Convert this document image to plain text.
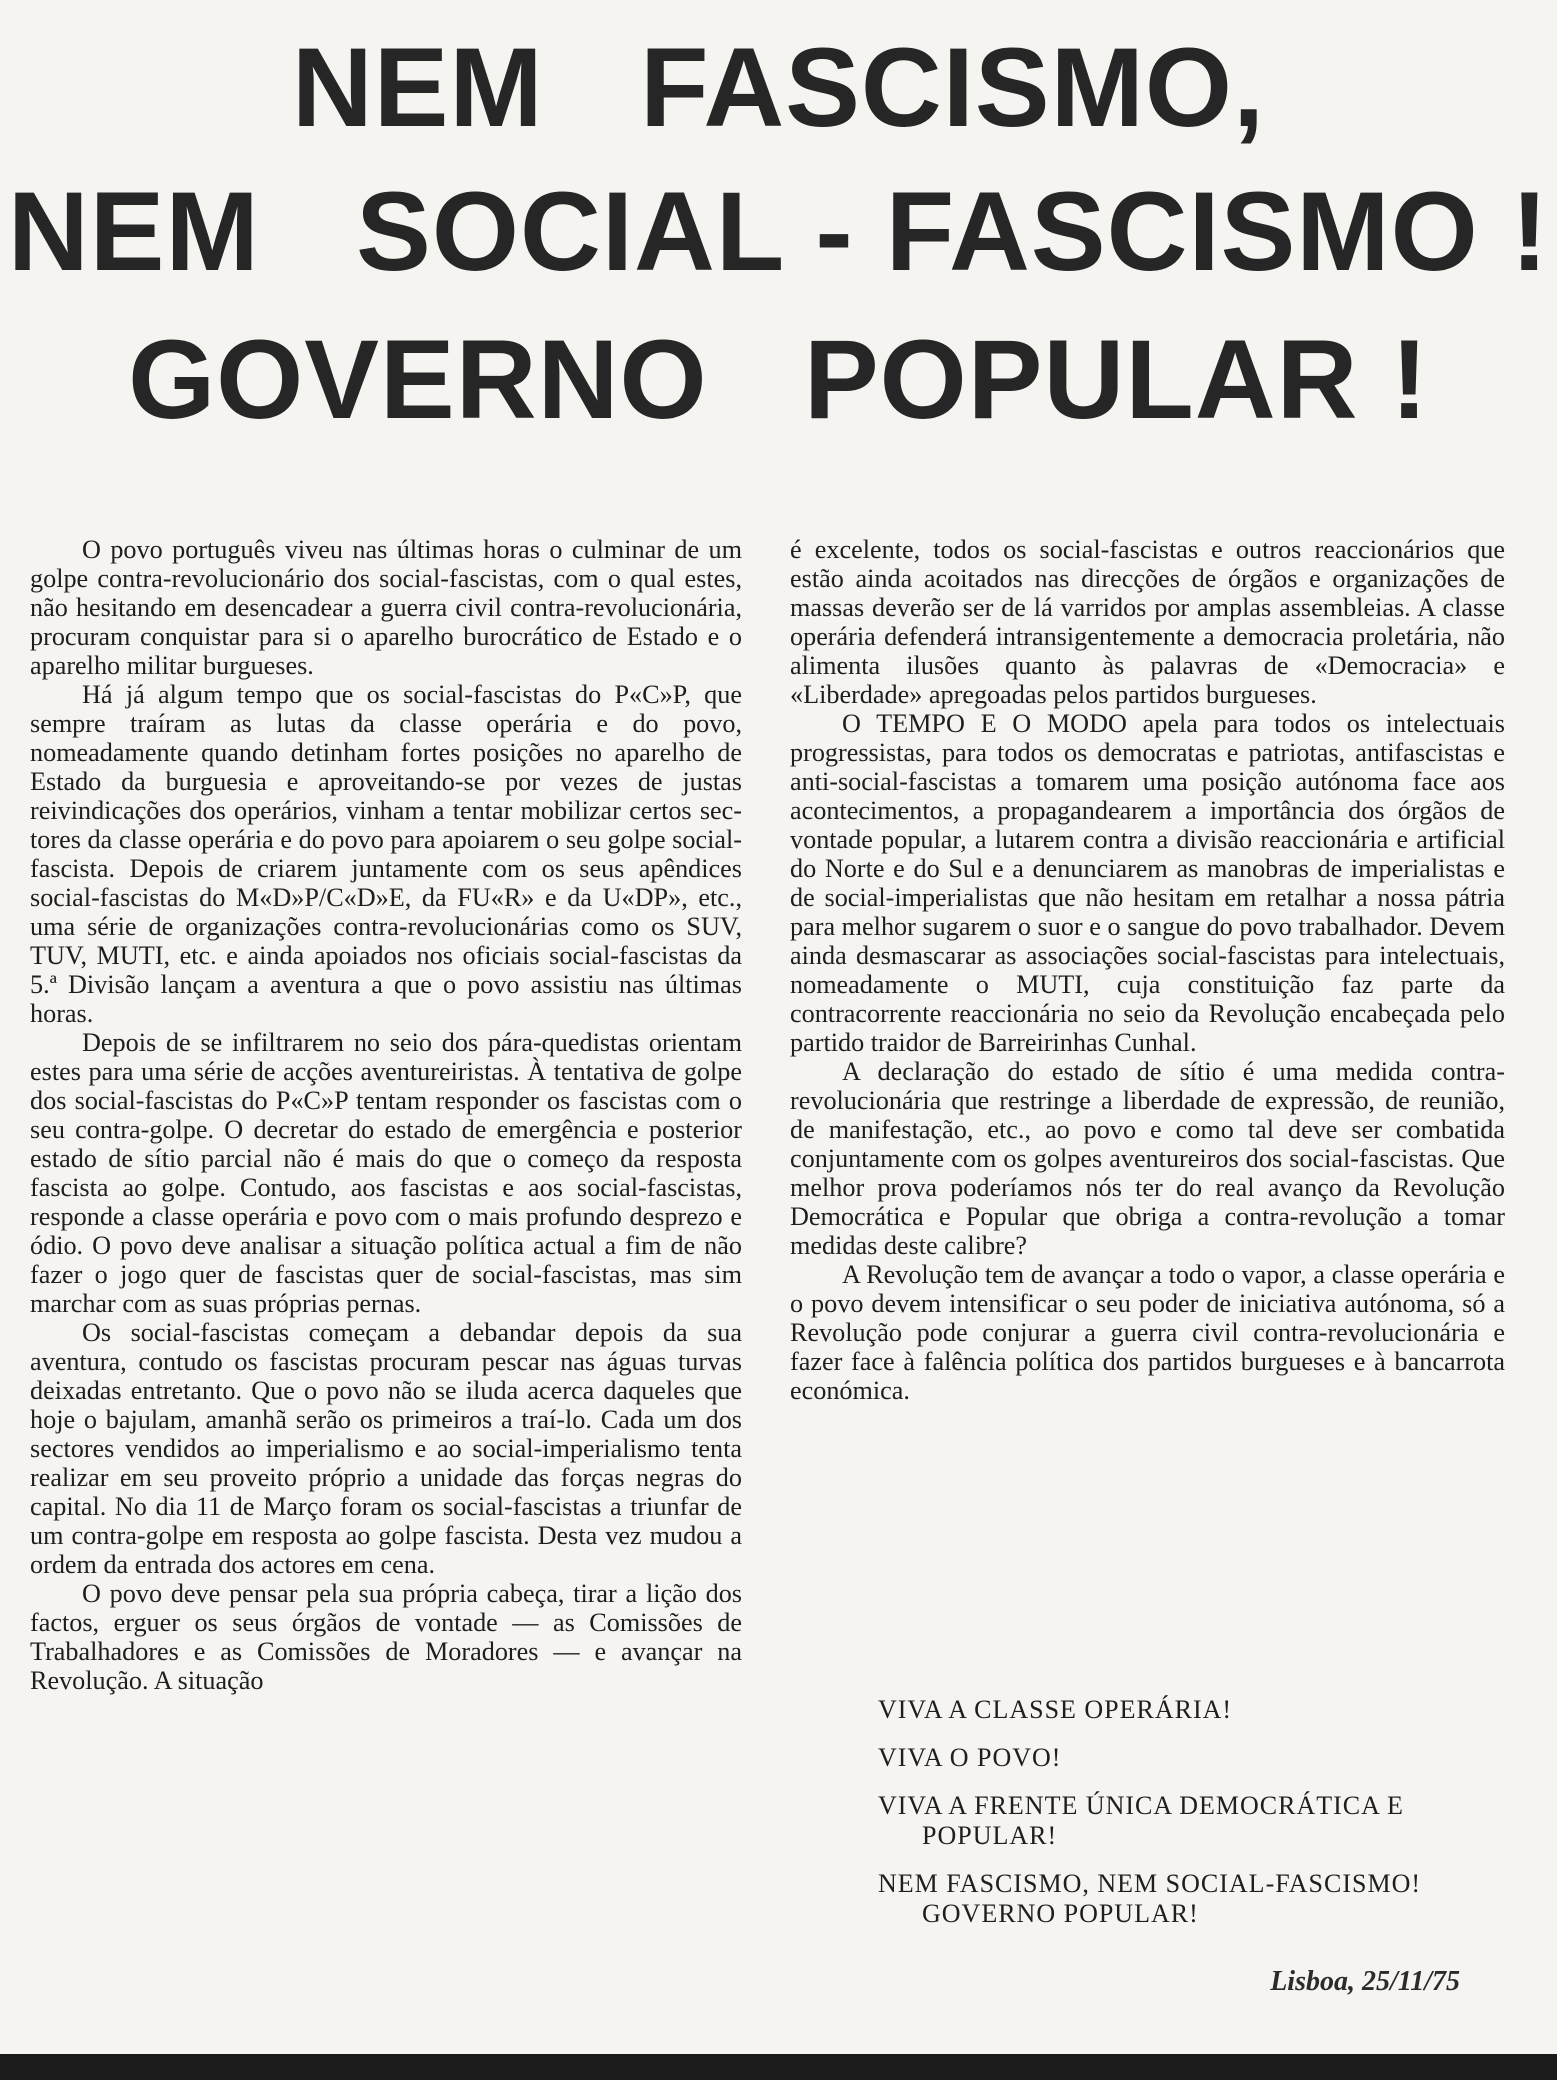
NEM   FASCISMO,
NEM   SOCIAL - FASCISMO !
GOVERNO   POPULAR !

O povo português viveu nas últimas horas o culminar de um golpe contra-revolucionário dos social-fascistas, com o qual estes, não hesitando em desencadear a guerra civil contra-revolucionária, procuram conquistar para si o aparelho burocrático de Estado e o aparelho militar burgueses.

Há já algum tempo que os social-fascistas do P«C»P, que sempre traíram as lutas da classe operária e do povo, nomeadamente quando detinham fortes posições no aparelho de Estado da burguesia e aproveitando-se por vezes de justas reivindicações dos operários, vinham a tentar mobilizar certos sectores da classe operária e do povo para apoiarem o seu golpe social-fascista. Depois de criarem juntamente com os seus apêndices social-fascistas do M«D»P/C«D»E, da FU«R» e da U«DP», etc., uma série de organizações contra-revolucionárias como os SUV, TUV, MUTI, etc. e ainda apoiados nos oficiais social-fascistas da 5.ª Divisão lançam a aventura a que o povo assistiu nas últimas horas.

Depois de se infiltrarem no seio dos pára-quedistas orientam estes para uma série de acções aventureiristas. À tentativa de golpe dos social-fascistas do P«C»P tentam responder os fascistas com o seu contra-golpe. O decretar do estado de emergência e posterior estado de sítio parcial não é mais do que o começo da resposta fascista ao golpe. Contudo, aos fascistas e aos social-fascistas, responde a classe operária e povo com o mais profundo desprezo e ódio. O povo deve analisar a situação política actual a fim de não fazer o jogo quer de fascistas quer de social-fascistas, mas sim marchar com as suas próprias pernas.

Os social-fascistas começam a debandar depois da sua aventura, contudo os fascistas procuram pescar nas águas turvas deixadas entretanto. Que o povo não se iluda acerca daqueles que hoje o bajulam, amanhã serão os primeiros a traí-lo. Cada um dos sectores vendidos ao imperialismo e ao social-imperialismo tenta realizar em seu proveito próprio a unidade das forças negras do capital. No dia 11 de Março foram os social-fascistas a triunfar de um contra-golpe em resposta ao golpe fascista. Desta vez mudou a ordem da entrada dos actores em cena.

O povo deve pensar pela sua própria cabeça, tirar a lição dos factos, erguer os seus órgãos de vontade — as Comissões de Trabalhadores e as Comissões de Moradores — e avançar na Revolução. A situação

é excelente, todos os social-fascistas e outros reaccionários que estão ainda acoitados nas direcções de órgãos e organizações de massas deverão ser de lá varridos por amplas assembleias. A classe operária defenderá intransigentemente a democracia proletária, não alimenta ilusões quanto às palavras de «Democracia» e «Liberdade» apregoadas pelos partidos burgueses.

O TEMPO E O MODO apela para todos os intelectuais progressistas, para todos os democratas e patriotas, antifascistas e anti-social-fascistas a tomarem uma posição autónoma face aos acontecimentos, a propagandearem a importância dos órgãos de vontade popular, a lutarem contra a divisão reaccionária e artificial do Norte e do Sul e a denunciarem as manobras de imperialistas e de social-imperialistas que não hesitam em retalhar a nossa pátria para melhor sugarem o suor e o sangue do povo trabalhador. Devem ainda desmascarar as associações social-fascistas para intelectuais, nomeadamente o MUTI, cuja constituição faz parte da contracorrente reaccionária no seio da Revolução encabeçada pelo partido traidor de Barreirinhas Cunhal.

A declaração do estado de sítio é uma medida contra-revolucionária que restringe a liberdade de expressão, de reunião, de manifestação, etc., ao povo e como tal deve ser combatida conjuntamente com os golpes aventureiros dos social-fascistas. Que melhor prova poderíamos nós ter do real avanço da Revolução Democrática e Popular que obriga a contra-revolução a tomar medidas deste calibre?

A Revolução tem de avançar a todo o vapor, a classe operária e o povo devem intensificar o seu poder de iniciativa autónoma, só a Revolução pode conjurar a guerra civil contra-revolucionária e fazer face à falência política dos partidos burgueses e à bancarrota económica.

VIVA A CLASSE OPERÁRIA!

VIVA O POVO!

VIVA A FRENTE ÚNICA DEMOCRÁTICA E POPULAR!

NEM FASCISMO, NEM SOCIAL-FASCISMO! GOVERNO POPULAR!

Lisboa, 25/11/75
